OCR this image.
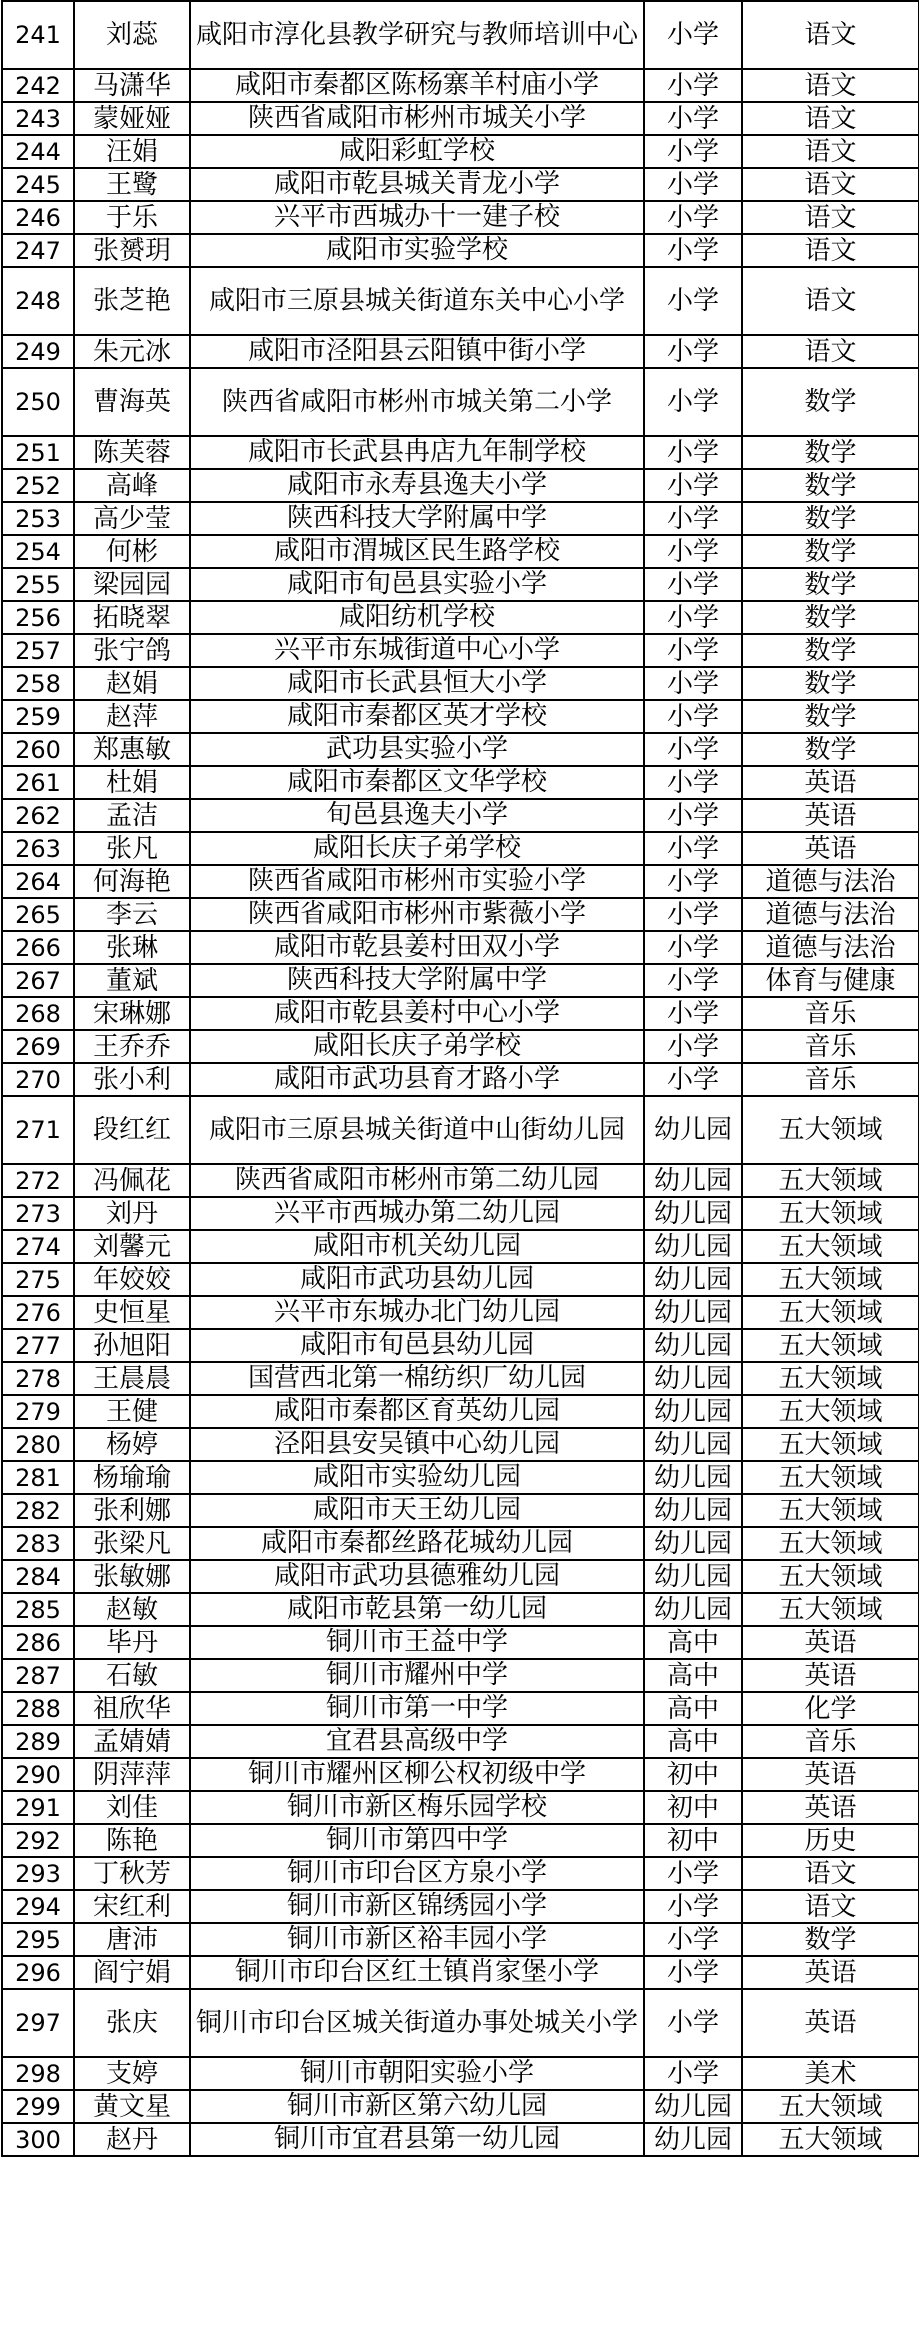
241	刘蕊	咸阳市淳化县教学研究与教师培训中心	小学	语文
242	马潇华	咸阳市秦都区陈杨寨羊村庙小学	小学	语文
243	蒙娅娅	陕西省咸阳市彬州市城关小学	小学	语文
244	汪娟	咸阳彩虹学校	小学	语文
245	王鹭	咸阳市乾县城关青龙小学	小学	语文
246	于乐	兴平市西城办十一建子校	小学	语文
247	张赟玥	咸阳市实验学校	小学	语文
248	张芝艳	咸阳市三原县城关街道东关中心小学	小学	语文
249	朱元冰	咸阳市泾阳县云阳镇中街小学	小学	语文
250	曹海英	陕西省咸阳市彬州市城关第二小学	小学	数学
251	陈芙蓉	咸阳市长武县冉店九年制学校	小学	数学
252	高峰	咸阳市永寿县逸夫小学	小学	数学
253	高少莹	陕西科技大学附属中学	小学	数学
254	何彬	咸阳市渭城区民生路学校	小学	数学
255	梁园园	咸阳市旬邑县实验小学	小学	数学
256	拓晓翠	咸阳纺机学校	小学	数学
257	张宁鸽	兴平市东城街道中心小学	小学	数学
258	赵娟	咸阳市长武县恒大小学	小学	数学
259	赵萍	咸阳市秦都区英才学校	小学	数学
260	郑惠敏	武功县实验小学	小学	数学
261	杜娟	咸阳市秦都区文华学校	小学	英语
262	孟洁	旬邑县逸夫小学	小学	英语
263	张凡	咸阳长庆子弟学校	小学	英语
264	何海艳	陕西省咸阳市彬州市实验小学	小学	道德与法治
265	李云	陕西省咸阳市彬州市紫薇小学	小学	道德与法治
266	张琳	咸阳市乾县姜村田双小学	小学	道德与法治
267	董斌	陕西科技大学附属中学	小学	体育与健康
268	宋琳娜	咸阳市乾县姜村中心小学	小学	音乐
269	王乔乔	咸阳长庆子弟学校	小学	音乐
270	张小利	咸阳市武功县育才路小学	小学	音乐
271	段红红	咸阳市三原县城关街道中山街幼儿园	幼儿园	五大领域
272	冯佩花	陕西省咸阳市彬州市第二幼儿园	幼儿园	五大领域
273	刘丹	兴平市西城办第二幼儿园	幼儿园	五大领域
274	刘馨元	咸阳市机关幼儿园	幼儿园	五大领域
275	年姣姣	咸阳市武功县幼儿园	幼儿园	五大领域
276	史恒星	兴平市东城办北门幼儿园	幼儿园	五大领域
277	孙旭阳	咸阳市旬邑县幼儿园	幼儿园	五大领域
278	王晨晨	国营西北第一棉纺织厂幼儿园	幼儿园	五大领域
279	王健	咸阳市秦都区育英幼儿园	幼儿园	五大领域
280	杨婷	泾阳县安吴镇中心幼儿园	幼儿园	五大领域
281	杨瑜瑜	咸阳市实验幼儿园	幼儿园	五大领域
282	张利娜	咸阳市天王幼儿园	幼儿园	五大领域
283	张梁凡	咸阳市秦都丝路花城幼儿园	幼儿园	五大领域
284	张敏娜	咸阳市武功县德雅幼儿园	幼儿园	五大领域
285	赵敏	咸阳市乾县第一幼儿园	幼儿园	五大领域
286	毕丹	铜川市王益中学	高中	英语
287	石敏	铜川市耀州中学	高中	英语
288	祖欣华	铜川市第一中学	高中	化学
289	孟婧婧	宜君县高级中学	高中	音乐
290	阴萍萍	铜川市耀州区柳公权初级中学	初中	英语
291	刘佳	铜川市新区梅乐园学校	初中	英语
292	陈艳	铜川市第四中学	初中	历史
293	丁秋芳	铜川市印台区方泉小学	小学	语文
294	宋红利	铜川市新区锦绣园小学	小学	语文
295	唐沛	铜川市新区裕丰园小学	小学	数学
296	阎宁娟	铜川市印台区红土镇肖家堡小学	小学	英语
297	张庆	铜川市印台区城关街道办事处城关小学	小学	英语
298	支婷	铜川市朝阳实验小学	小学	美术
299	黄文星	铜川市新区第六幼儿园	幼儿园	五大领域
300	赵丹	铜川市宜君县第一幼儿园	幼儿园	五大领域
